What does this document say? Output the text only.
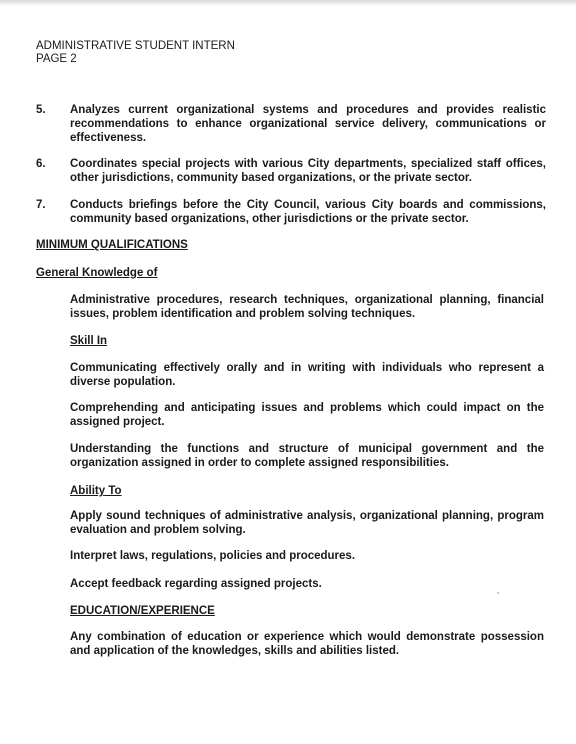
ADMINISTRATIVE STUDENT INTERN
PAGE 2
5. Analyzes current organizational systems and procedures and provides realistic recommendations to enhance organizational service delivery, communications or effectiveness.
6. Coordinates special projects with various City departments, specialized staff offices, other jurisdictions, community based organizations, or the private sector.
7. Conducts briefings before the City Council, various City boards and commissions, community based organizations, other jurisdictions or the private sector.
MINIMUM QUALIFICATIONS
General Knowledge of
Administrative procedures, research techniques, organizational planning, financial issues, problem identification and problem solving techniques.
Skill In
Communicating effectively orally and in writing with individuals who represent a diverse population.
Comprehending and anticipating issues and problems which could impact on the assigned project.
Understanding the functions and structure of municipal government and the organization assigned in order to complete assigned responsibilities.
Ability To
Apply sound techniques of administrative analysis, organizational planning, program evaluation and problem solving.
Interpret laws, regulations, policies and procedures.
Accept feedback regarding assigned projects.
EDUCATION/EXPERIENCE
Any combination of education or experience which would demonstrate possession and application of the knowledges, skills and abilities listed.
